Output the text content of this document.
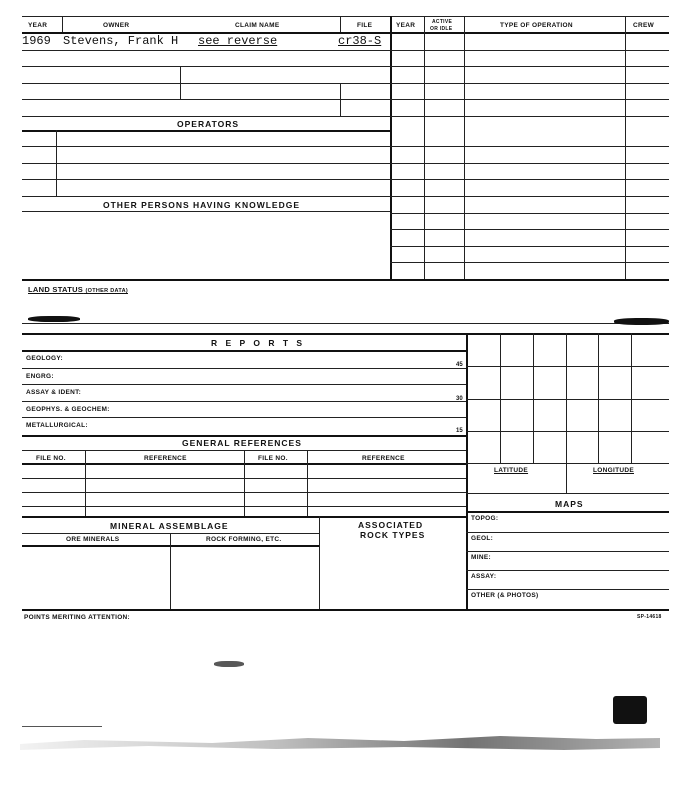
YEAR	OWNER	CLAIM NAME	FILE	YEAR	ACTIVE
OR IDLE	TYPE OF OPERATION	CREW
1969 Stevens, Frank H see reverse	cr38-S
OPERATORS
OTHER PERSONS HAVING KNOWLEDGE
LAND STATUS (OTHER DATA)
R E P O R T S
GEOLOGY:
ENGRG:
ASSAY & IDENT:
GEOPHYS. & GEOCHEM:
METALLURGICAL:
45
30
15
GENERAL REFERENCES
FILE NO.	REFERENCE	FILE NO.	REFERENCE
LATITUDE	LONGITUDE
MAPS
TOPOG:
GEOL:
MINE:
ASSAY:
OTHER (& PHOTOS)
MINERAL ASSEMBLAGE	ASSOCIATED
ROCK TYPES
ORE MINERALS	ROCK FORMING, ETC.
POINTS MERITING ATTENTION:	SP-14618
